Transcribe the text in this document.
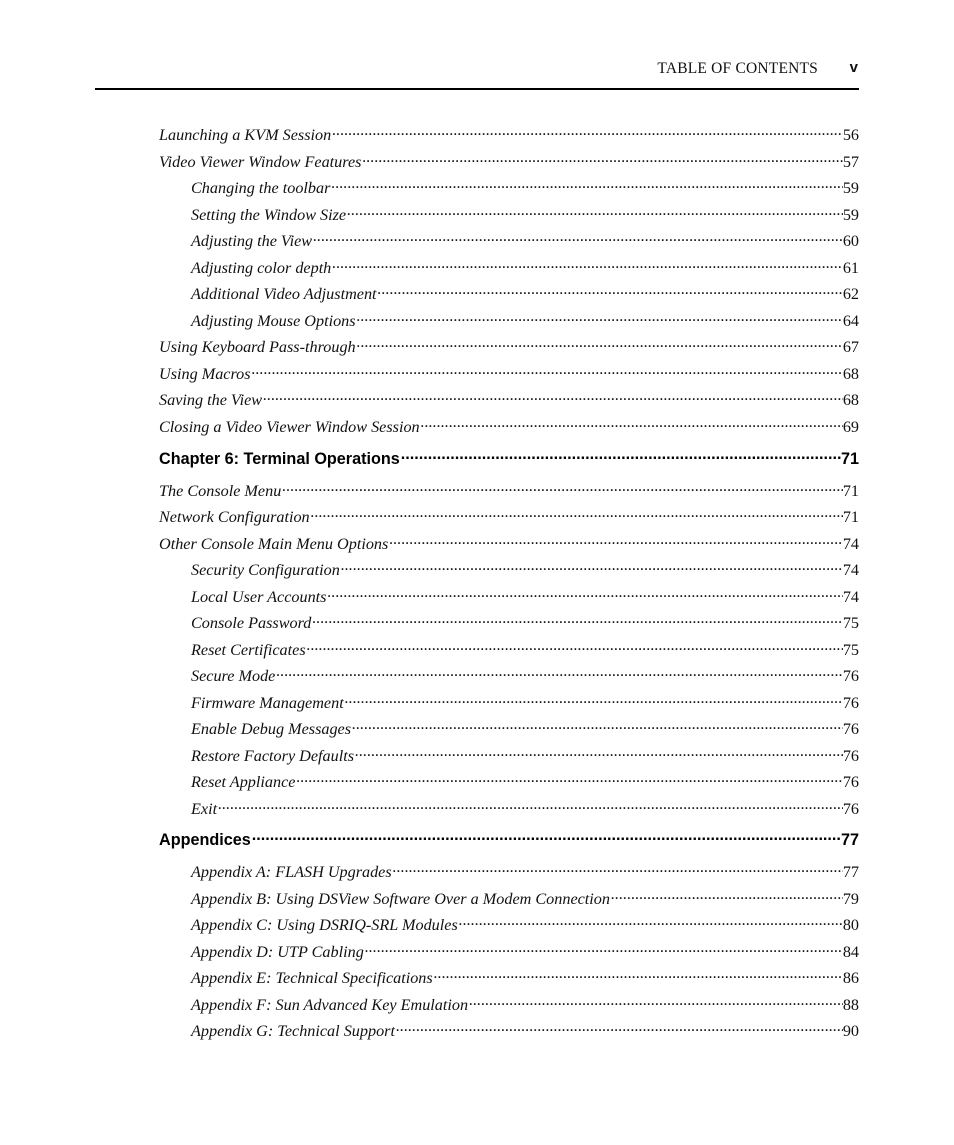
TABLE OF CONTENTS v
Launching a KVM Session .....	56
Video Viewer Window Features .....	57
Changing the toolbar .....	59
Setting the Window Size .....	59
Adjusting the View .....	60
Adjusting color depth .....	61
Additional Video Adjustment .....	62
Adjusting Mouse Options .....	64
Using Keyboard Pass-through .....	67
Using Macros .....	68
Saving the View .....	68
Closing a Video Viewer Window Session .....	69
Chapter 6: Terminal Operations .....	71
The Console Menu .....	71
Network Configuration .....	71
Other Console Main Menu Options .....	74
Security Configuration .....	74
Local User Accounts .....	74
Console Password .....	75
Reset Certificates .....	75
Secure Mode .....	76
Firmware Management .....	76
Enable Debug Messages .....	76
Restore Factory Defaults .....	76
Reset Appliance .....	76
Exit .....	76
Appendices .....	77
Appendix A: FLASH Upgrades .....	77
Appendix B: Using DSView Software Over a Modem Connection .....	79
Appendix C: Using DSRIQ-SRL Modules .....	80
Appendix D: UTP Cabling .....	84
Appendix E: Technical Specifications .....	86
Appendix F: Sun Advanced Key Emulation .....	88
Appendix G: Technical Support .....	90
